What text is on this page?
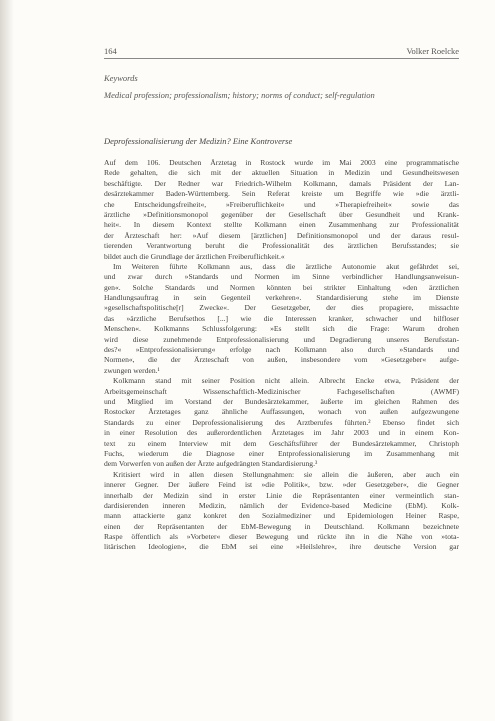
164	Volker Roelcke
Keywords
Medical profession; professionalism; history; norms of conduct; self-regulation
Deprofessionalisierung der Medizin? Eine Kontroverse
Auf dem 106. Deutschen Ärztetag in Rostock wurde im Mai 2003 eine programmatische
Rede gehalten, die sich mit der aktuellen Situation in Medizin und Gesundheitswesen
beschäftigte. Der Redner war Friedrich-Wilhelm Kolkmann, damals Präsident der Lan-
desärztekammer Baden-Württemberg. Sein Referat kreiste um Begriffe wie »die ärztli-
che Entscheidungsfreiheit«, »Freiberuflichkeit« und »Therapiefreiheit« sowie das
ärztliche »Definitionsmonopol gegenüber der Gesellschaft über Gesundheit und Krank-
heit«. In diesem Kontext stellte Kolkmann einen Zusammenhang zur Professionalität
der Ärzteschaft her: »Auf diesem [ärztlichen] Definitionsmonopol und der daraus resul-
tierenden Verantwortung beruht die Professionalität des ärztlichen Berufsstandes; sie
bildet auch die Grundlage der ärztlichen Freiberuflichkeit.«
Im Weiteren führte Kolkmann aus, dass die ärztliche Autonomie akut gefährdet sei,
und zwar durch »Standards und Normen im Sinne verbindlicher Handlungsanweisun-
gen«. Solche Standards und Normen könnten bei strikter Einhaltung »den ärztlichen
Handlungsauftrag in sein Gegenteil verkehren«. Standardisierung stehe im Dienste
»gesellschaftspolitische[r] Zwecke«. Der Gesetzgeber, der dies propagiere, missachte
das »ärztliche Berufsethos [...] wie die Interessen kranker, schwacher und hilfloser
Menschen«. Kolkmanns Schlussfolgerung: »Es stellt sich die Frage: Warum drohen
wird diese zunehmende Entprofessionalisierung und Degradierung unseres Berufsstan-
des?« »Entprofessionalisierung« erfolge nach Kolkmann also durch »Standards und
Normen«, die der Ärzteschaft von außen, insbesondere vom »Gesetzgeber« aufge-
zwungen werden.¹
Kolkmann stand mit seiner Position nicht allein. Albrecht Encke etwa, Präsident der
Arbeitsgemeinschaft Wissenschaftlich-Medizinischer Fachgesellschaften (AWMF)
und Mitglied im Vorstand der Bundesärztekammer, äußerte im gleichen Rahmen des
Rostocker Ärztetages ganz ähnliche Auffassungen, wonach von außen aufgezwungene
Standards zu einer Deprofessionalisierung des Arztberufes führten.² Ebenso findet sich
in einer Resolution des außerordentlichen Ärztetages im Jahr 2003 und in einem Kon-
text zu einem Interview mit dem Geschäftsführer der Bundesärztekammer, Christoph
Fuchs, wiederum die Diagnose einer Entprofessionalisierung im Zusammenhang mit
dem Vorwerfen von außen der Ärzte aufgedrängten Standardisierung.³
Kritisiert wird in allen diesen Stellungnahmen: sie allein die äußeren, aber auch ein
innerer Gegner. Der äußere Feind ist »die Politik«, bzw. »der Gesetzgeber«, die Gegner
innerhalb der Medizin sind in erster Linie die Repräsentanten einer vermeintlich stan-
dardisierenden inneren Medizin, nämlich der Evidence-based Medicine (EbM). Kolk-
mann attackierte ganz konkret den Sozialmediziner und Epidemiologen Heiner Raspe,
einen der Repräsentanten der EbM-Bewegung in Deutschland. Kolkmann bezeichnete
Raspe öffentlich als »Vorbeter« dieser Bewegung und rückte ihn in die Nähe von »tota-
litärischen Ideologien«, die EbM sei eine »Heilslehre«, ihre deutsche Version gar
